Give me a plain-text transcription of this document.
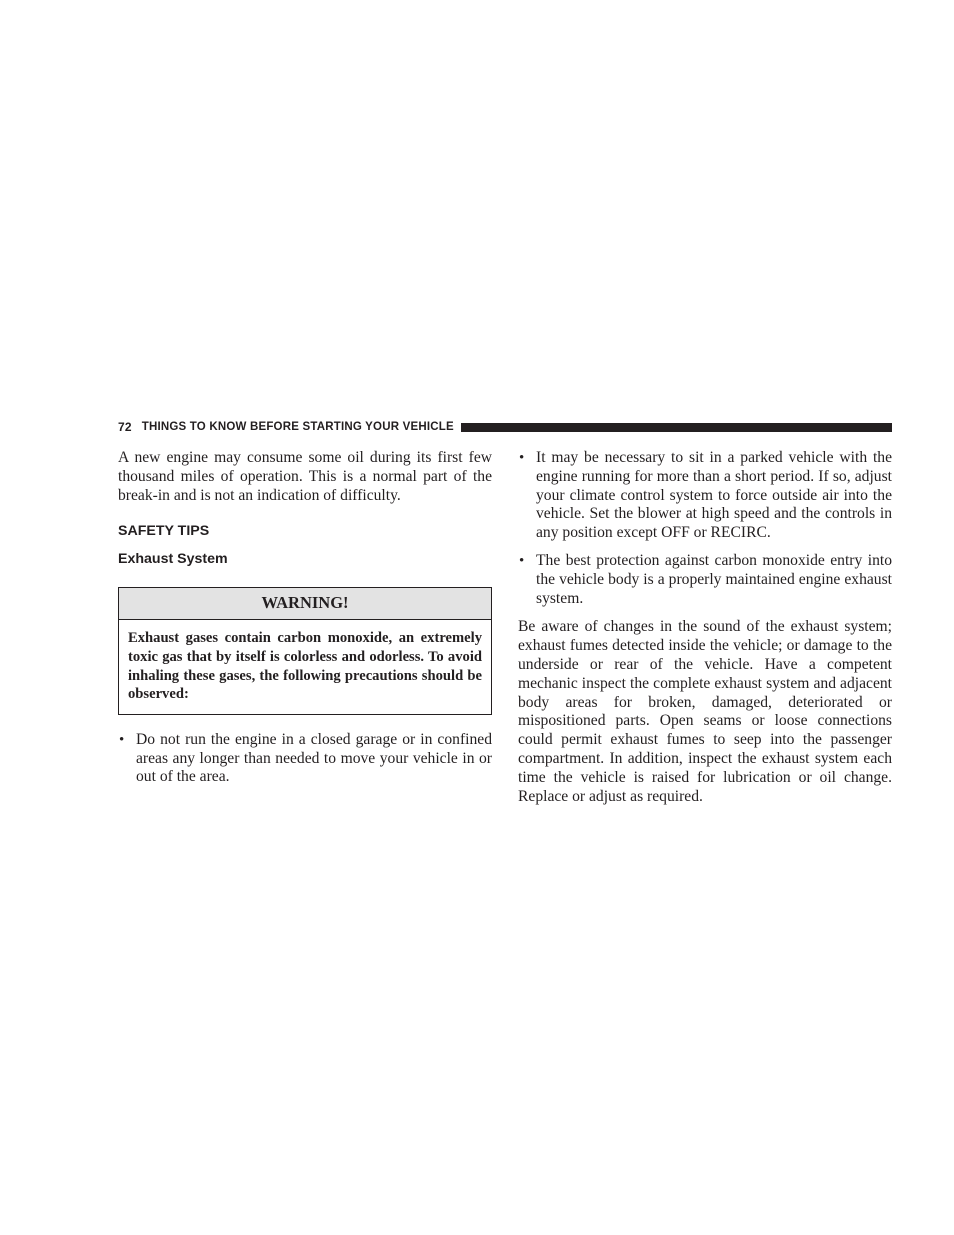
72 THINGS TO KNOW BEFORE STARTING YOUR VEHICLE

A new engine may consume some oil during its first few thousand miles of operation. This is a normal part of the break-in and is not an indication of difficulty.

SAFETY TIPS
Exhaust System
WARNING!

Exhaust gases contain carbon monoxide, an extremely toxic gas that by itself is colorless and odorless. To avoid inhaling these gases, the following precautions should be observed:

• Do not run the engine in a closed garage or in confined areas any longer than needed to move your vehicle in or out of the area.

• It may be necessary to sit in a parked vehicle with the engine running for more than a short period. If so, adjust your climate control system to force outside air into the vehicle. Set the blower at high speed and the controls in any position except OFF or RECIRC.

• The best protection against carbon monoxide entry into the vehicle body is a properly maintained engine exhaust system.

Be aware of changes in the sound of the exhaust system; exhaust fumes detected inside the vehicle; or damage to the underside or rear of the vehicle. Have a competent mechanic inspect the complete exhaust system and adjacent body areas for broken, damaged, deteriorated or mispositioned parts. Open seams or loose connections could permit exhaust fumes to seep into the passenger compartment. In addition, inspect the exhaust system each time the vehicle is raised for lubrication or oil change. Replace or adjust as required.
